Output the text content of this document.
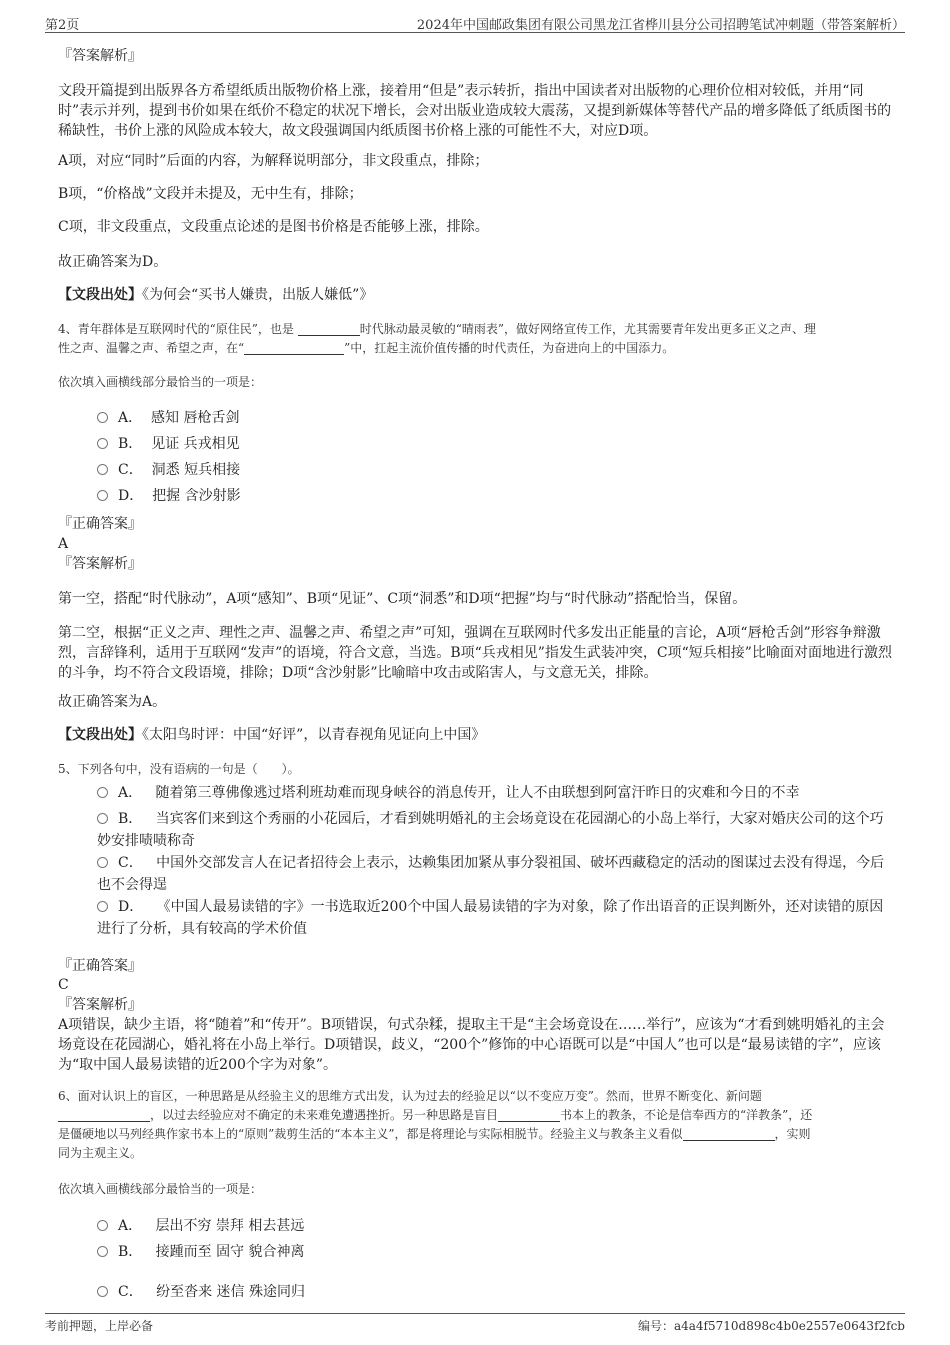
第2页	2024年中国邮政集团有限公司黑龙江省桦川县分公司招聘笔试冲刺题（带答案解析）
『答案解析』
文段开篇提到出版界各方希望纸质出版物价格上涨，接着用“但是”表示转折，指出中国读者对出版物的心理价位相对较低，并用“同时”表示并列，提到书价如果在纸价不稳定的状况下增长，会对出版业造成较大震荡，又提到新媒体等替代产品的增多降低了纸质图书的稀缺性，书价上涨的风险成本较大，故文段强调国内纸质图书价格上涨的可能性不大，对应D项。
A项，对应“同时”后面的内容，为解释说明部分，非文段重点，排除；
B项，“价格战”文段并未提及，无中生有，排除；
C项，非文段重点，文段重点论述的是图书价格是否能够上涨，排除。
故正确答案为D。
【文段出处】《为何会“买书人嫌贵，出版人嫌低”》
4、青年群体是互联网时代的“原住民”，也是	时代脉动最灵敏的“晴雨表”，做好网络宣传工作，尤其需要青年发出更多正义之声、理
性之声、温馨之声、希望之声，在“	”中，扛起主流价值传播的时代责任，为奋进向上的中国添力。
依次填入画横线部分最恰当的一项是：
A． 感知 唇枪舌剑
B． 见证 兵戎相见
C． 洞悉 短兵相接
D． 把握 含沙射影
『正确答案』
A
『答案解析』
第一空，搭配“时代脉动”，A项“感知”、B项“见证”、C项“洞悉”和D项“把握”均与“时代脉动”搭配恰当，保留。
第二空，根据“正义之声、理性之声、温馨之声、希望之声”可知，强调在互联网时代多发出正能量的言论，A项“唇枪舌剑”形容争辩激烈，言辞锋利，适用于互联网“发声”的语境，符合文意，当选。B项“兵戎相见”指发生武装冲突，C项“短兵相接”比喻面对面地进行激烈的斗争，均不符合文段语境，排除；D项“含沙射影”比喻暗中攻击或陷害人，与文意无关，排除。
故正确答案为A。
【文段出处】《太阳鸟时评：中国“好评”，以青春视角见证向上中国》
5、下列各句中，没有语病的一句是（　　）。
A． 随着第三尊佛像逃过塔利班劫难而现身峡谷的消息传开，让人不由联想到阿富汗昨日的灾难和今日的不幸
B． 当宾客们来到这个秀丽的小花园后，才看到姚明婚礼的主会场竟设在花园湖心的小岛上举行，大家对婚庆公司的这个巧妙安排啧啧称奇
C． 中国外交部发言人在记者招待会上表示，达赖集团加紧从事分裂祖国、破坏西藏稳定的活动的图谋过去没有得逞，今后也不会得逞
D． 《中国人最易读错的字》一书选取近200个中国人最易读错的字为对象，除了作出语音的正误判断外，还对读错的原因进行了分析，具有较高的学术价值
『正确答案』
C
『答案解析』
A项错误，缺少主语，将“随着”和“传开”。B项错误，句式杂糅，提取主干是“主会场竟设在……举行”，应该为“才看到姚明婚礼的主会场竟设在花园湖心，婚礼将在小岛上举行。D项错误，歧义，“200个”修饰的中心语既可以是“中国人”也可以是“最易读错的字”，应该为“取中国人最易读错的近200个字为对象”。
6、面对认识上的盲区，一种思路是从经验主义的思维方式出发，认为过去的经验足以“以不变应万变”。然而，世界不断变化、新问题
，以过去经验应对不确定的未来难免遭遇挫折。另一种思路是盲目	书本上的教条，不论是信奉西方的“洋教条”，还
是僵硬地以马列经典作家书本上的“原则”裁剪生活的“本本主义”，都是将理论与实际相脱节。经验主义与教条主义看似	，实则
同为主观主义。
依次填入画横线部分最恰当的一项是：
A． 层出不穷 崇拜 相去甚远
B． 接踵而至 固守 貌合神离
C． 纷至沓来 迷信 殊途同归
考前押题，上岸必备	编号：a4a4f5710d898c4b0e2557e0643f2fcb
